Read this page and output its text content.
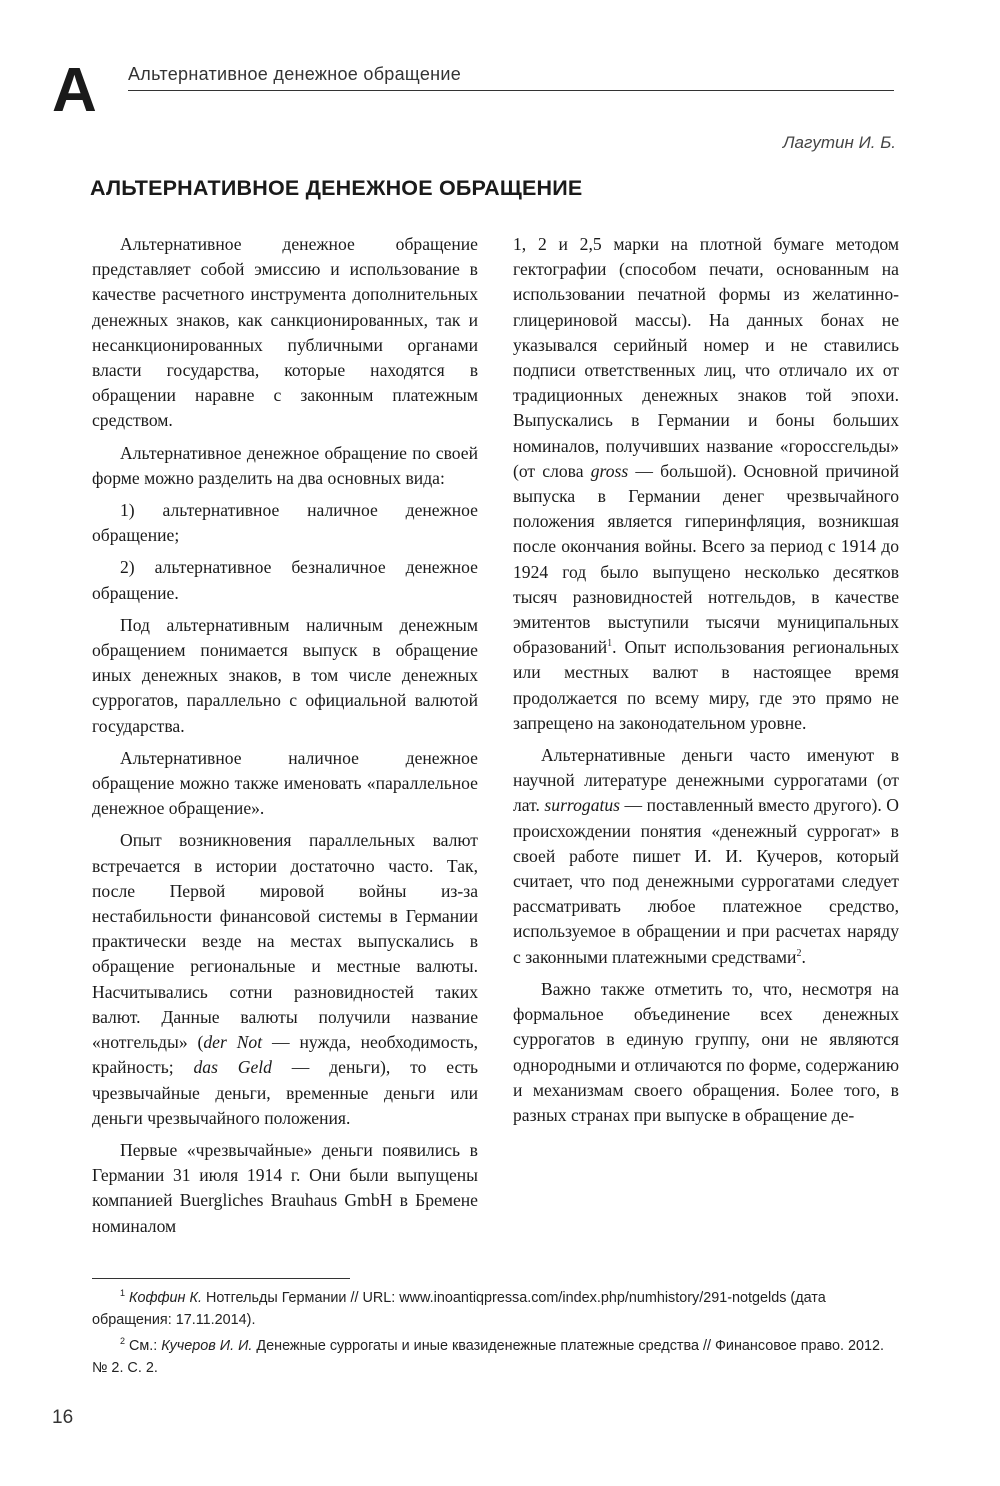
А Альтернативное денежное обращение
Лагутин И. Б.
АЛЬТЕРНАТИВНОЕ ДЕНЕЖНОЕ ОБРАЩЕНИЕ

Альтернативное денежное обращение представляет собой эмиссию и использование в качестве расчетного инструмента дополнительных денежных знаков, как санкционированных, так и несанкционированных публичными органами власти государства, которые находятся в обращении наравне с законным платежным средством.

Альтернативное денежное обращение по своей форме можно разделить на два основных вида:

1) альтернативное наличное денежное обращение;

2) альтернативное безналичное денежное обращение.

Под альтернативным наличным денежным обращением понимается выпуск в обращение иных денежных знаков, в том числе денежных суррогатов, параллельно с официальной валютой государства.

Альтернативное наличное денежное обращение можно также именовать «параллельное денежное обращение».

Опыт возникновения параллельных валют встречается в истории достаточно часто. Так, после Первой мировой войны из-за нестабильности финансовой системы в Германии практически везде на местах выпускались в обращение региональные и местные валюты. Насчитывались сотни разновидностей таких валют. Данные валюты получили название «нотгельды» (der Not — нужда, необходимость, крайность; das Geld — деньги), то есть чрезвычайные деньги, временные деньги или деньги чрезвычайного положения.

Первые «чрезвычайные» деньги появились в Германии 31 июля 1914 г. Они были выпущены компанией Buergliches Brauhaus GmbH в Бремене номиналом

1, 2 и 2,5 марки на плотной бумаге методом гектографии (способом печати, основанным на использовании печатной формы из желатинно-глицериновой массы). На данных бонах не указывался серийный номер и не ставились подписи ответственных лиц, что отличало их от традиционных денежных знаков той эпохи. Выпускались в Германии и боны больших номиналов, получивших название «гороссгельды» (от слова gross — большой). Основной причиной выпуска в Германии денег чрезвычайного положения является гиперинфляция, возникшая после окончания войны. Всего за период с 1914 до 1924 год было выпущено несколько десятков тысяч разновидностей нотгельдов, в качестве эмитентов выступили тысячи муниципальных образований$^1$. Опыт использования региональных или местных валют в настоящее время продолжается по всему миру, где это прямо не запрещено на законодательном уровне.

Альтернативные деньги часто именуют в научной литературе денежными суррогатами (от лат. surrogatus — поставленный вместо другого). О происхождении понятия «денежный суррогат» в своей работе пишет И. И. Кучеров, который считает, что под денежными суррогатами следует рассматривать любое платежное средство, используемое в обращении и при расчетах наряду с законными платежными средствами$^2$.

Важно также отметить то, что, несмотря на формальное объединение всех денежных суррогатов в единую группу, они не являются однородными и отличаются по форме, содержанию и механизмам своего обращения. Более того, в разных странах при выпуске в обращение де-

$^1$ Коффин К. Нотгельды Германии // URL: www.inoantiqpressa.com/index.php/numhistory/291-notgelds (дата обращения: 17.11.2014).

$^2$ См.: Кучеров И. И. Денежные суррогаты и иные квазиденежные платежные средства // Финансовое право. 2012. № 2. С. 2.

16
